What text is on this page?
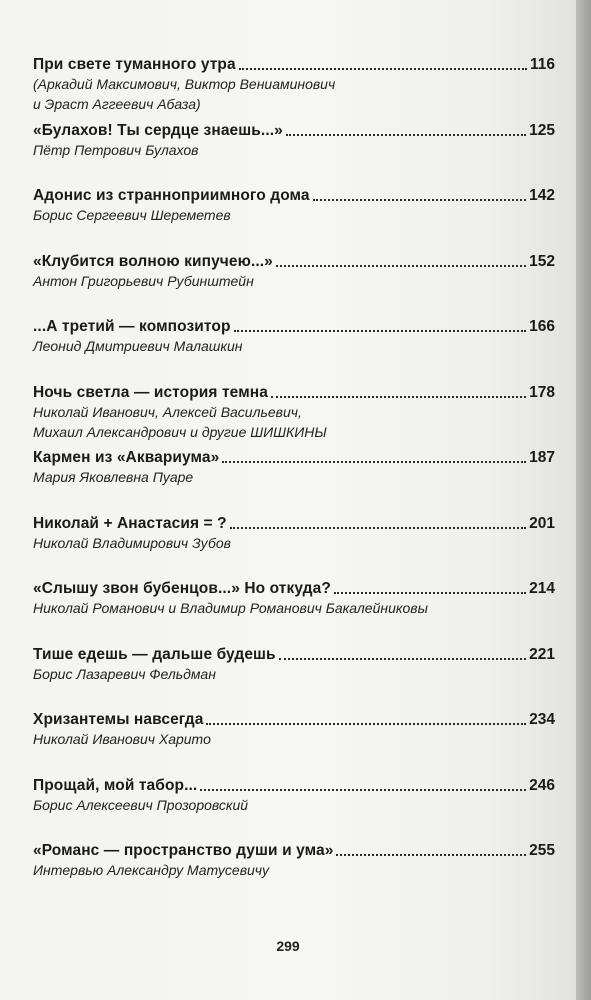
При свете туманного утра	116
(Аркадий Максимович, Виктор Вениаминович
и Эраст Аггеевич Абаза)
«Булахов! Ты сердце знаешь...»	125
Пётр Петрович Булахов
Адонис из странноприимного дома	142
Борис Сергеевич Шереметев
«Клубится волною кипучею...»	152
Антон Григорьевич Рубинштейн
...А третий — композитор	166
Леонид Дмитриевич Малашкин
Ночь светла — история темна	178
Николай Иванович, Алексей Васильевич,
Михаил Александрович и другие ШИШКИНЫ
Кармен из «Аквариума»	187
Мария Яковлевна Пуаре
Николай + Анастасия = ?	201
Николай Владимирович Зубов
«Слышу звон бубенцов...» Но откуда?	214
Николай Романович и Владимир Романович Бакалейниковы
Тише едешь — дальше будешь	221
Борис Лазаревич Фельдман
Хризантемы навсегда	234
Николай Иванович Харито
Прощай, мой табор...	246
Борис Алексеевич Прозоровский
«Романс — пространство души и ума»	255
Интервью Александру Матусевичу
299
